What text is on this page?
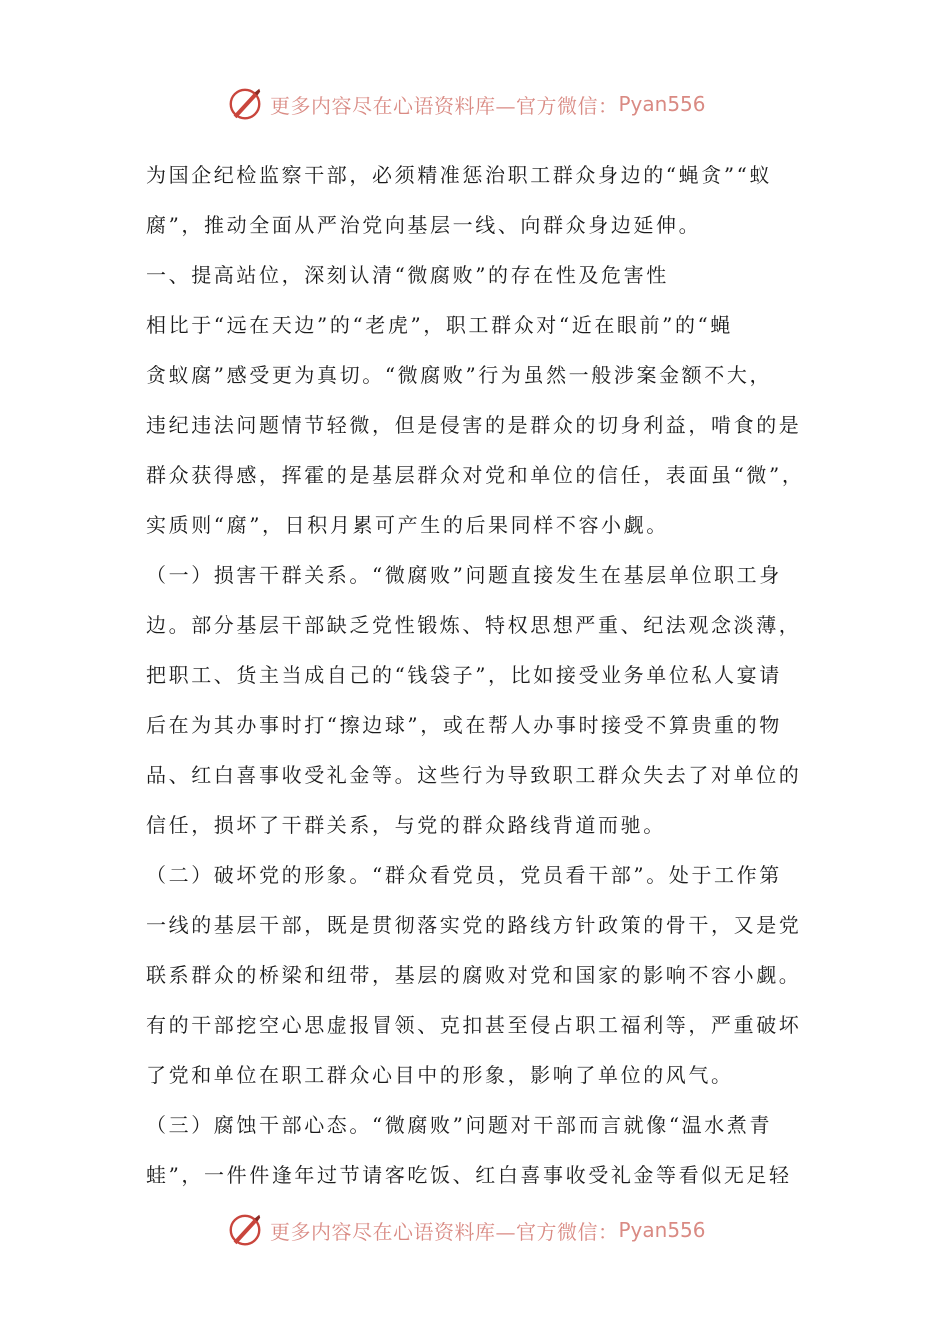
更多内容尽在心语资料库—官方微信： Pyan556
为国企纪检监察干部，必须精准惩治职工群众身边的“蝇贪”“蚁
腐”，推动全面从严治党向基层一线、向群众身边延伸。
一、提高站位，深刻认清“微腐败”的存在性及危害性
相比于“远在天边”的“老虎”，职工群众对“近在眼前”的“蝇
贪蚁腐”感受更为真切。“微腐败”行为虽然一般涉案金额不大，
违纪违法问题情节轻微，但是侵害的是群众的切身利益，啃食的是
群众获得感，挥霍的是基层群众对党和单位的信任，表面虽“微”，
实质则“腐”，日积月累可产生的后果同样不容小觑。
（一）损害干群关系。“微腐败”问题直接发生在基层单位职工身
边。部分基层干部缺乏党性锻炼、特权思想严重、纪法观念淡薄，
把职工、货主当成自己的“钱袋子”，比如接受业务单位私人宴请
后在为其办事时打“擦边球”，或在帮人办事时接受不算贵重的物
品、红白喜事收受礼金等。这些行为导致职工群众失去了对单位的
信任，损坏了干群关系，与党的群众路线背道而驰。
（二）破坏党的形象。“群众看党员，党员看干部”。处于工作第
一线的基层干部，既是贯彻落实党的路线方针政策的骨干，又是党
联系群众的桥梁和纽带，基层的腐败对党和国家的影响不容小觑。
有的干部挖空心思虚报冒领、克扣甚至侵占职工福利等，严重破坏
了党和单位在职工群众心目中的形象，影响了单位的风气。
（三）腐蚀干部心态。“微腐败”问题对干部而言就像“温水煮青
蛙”，一件件逢年过节请客吃饭、红白喜事收受礼金等看似无足轻
更多内容尽在心语资料库—官方微信： Pyan556
